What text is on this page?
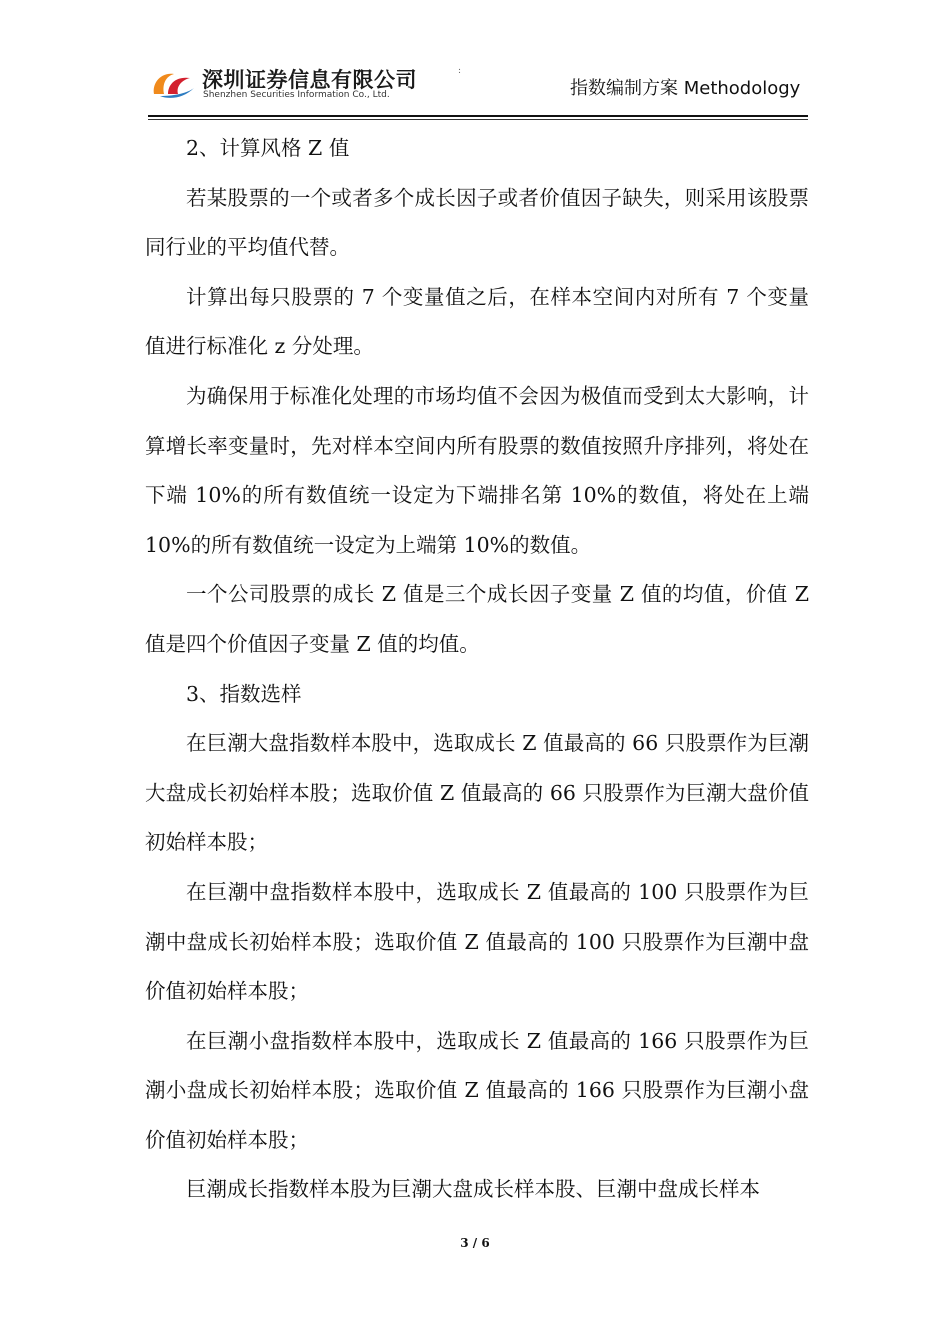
深圳证券信息有限公司
Shenzhen Securities Information Co., Ltd.
:
指数编制方案 Methodology

2、计算风格 Z 值

若某股票的一个或者多个成长因子或者价值因子缺失，则采用该股票同行业的平均值代替。

计算出每只股票的 7 个变量值之后，在样本空间内对所有 7 个变量值进行标准化 z 分处理。

为确保用于标准化处理的市场均值不会因为极值而受到太大影响，计算增长率变量时，先对样本空间内所有股票的数值按照升序排列，将处在下端 10%的所有数值统一设定为下端排名第 10%的数值，将处在上端 10%的所有数值统一设定为上端第 10%的数值。

一个公司股票的成长 Z 值是三个成长因子变量 Z 值的均值，价值 Z 值是四个价值因子变量 Z 值的均值。

3、指数选样

在巨潮大盘指数样本股中，选取成长 Z 值最高的 66 只股票作为巨潮大盘成长初始样本股；选取价值 Z 值最高的 66 只股票作为巨潮大盘价值初始样本股；

在巨潮中盘指数样本股中，选取成长 Z 值最高的 100 只股票作为巨潮中盘成长初始样本股；选取价值 Z 值最高的 100 只股票作为巨潮中盘价值初始样本股；

在巨潮小盘指数样本股中，选取成长 Z 值最高的 166 只股票作为巨潮小盘成长初始样本股；选取价值 Z 值最高的 166 只股票作为巨潮小盘价值初始样本股；

巨潮成长指数样本股为巨潮大盘成长样本股、巨潮中盘成长样本

3 / 6
